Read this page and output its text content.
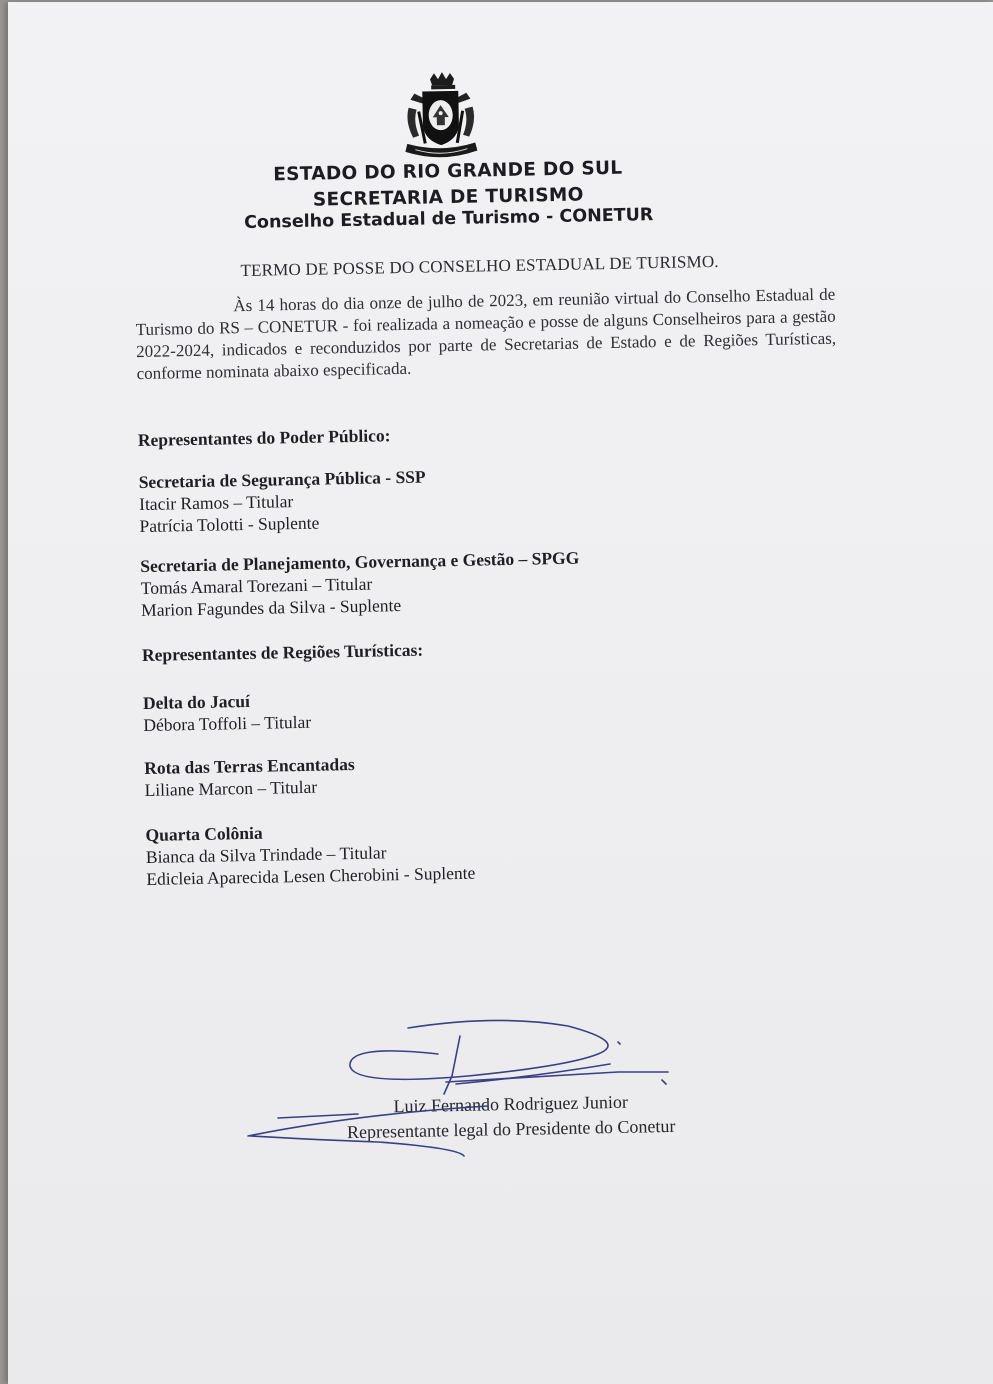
ESTADO DO RIO GRANDE DO SUL
SECRETARIA DE TURISMO
Conselho Estadual de Turismo - CONETUR
TERMO DE POSSE DO CONSELHO ESTADUAL DE TURISMO.
Às 14 horas do dia onze de julho de 2023, em reunião virtual do Conselho Estadual de Turismo do RS – CONETUR - foi realizada a nomeação e posse de alguns Conselheiros para a gestão 2022-2024, indicados e reconduzidos por parte de Secretarias de Estado e de Regiões Turísticas, conforme nominata abaixo especificada.
Representantes do Poder Público:
Secretaria de Segurança Pública - SSP
Itacir Ramos – Titular
Patrícia Tolotti - Suplente
Secretaria de Planejamento, Governança e Gestão – SPGG
Tomás Amaral Torezani – Titular
Marion Fagundes da Silva - Suplente
Representantes de Regiões Turísticas:
Delta do Jacuí
Débora Toffoli – Titular
Rota das Terras Encantadas
Liliane Marcon – Titular
Quarta Colônia
Bianca da Silva Trindade – Titular
Edicleia Aparecida Lesen Cherobini - Suplente
Luiz Fernando Rodriguez Junior
Representante legal do Presidente do Conetur
